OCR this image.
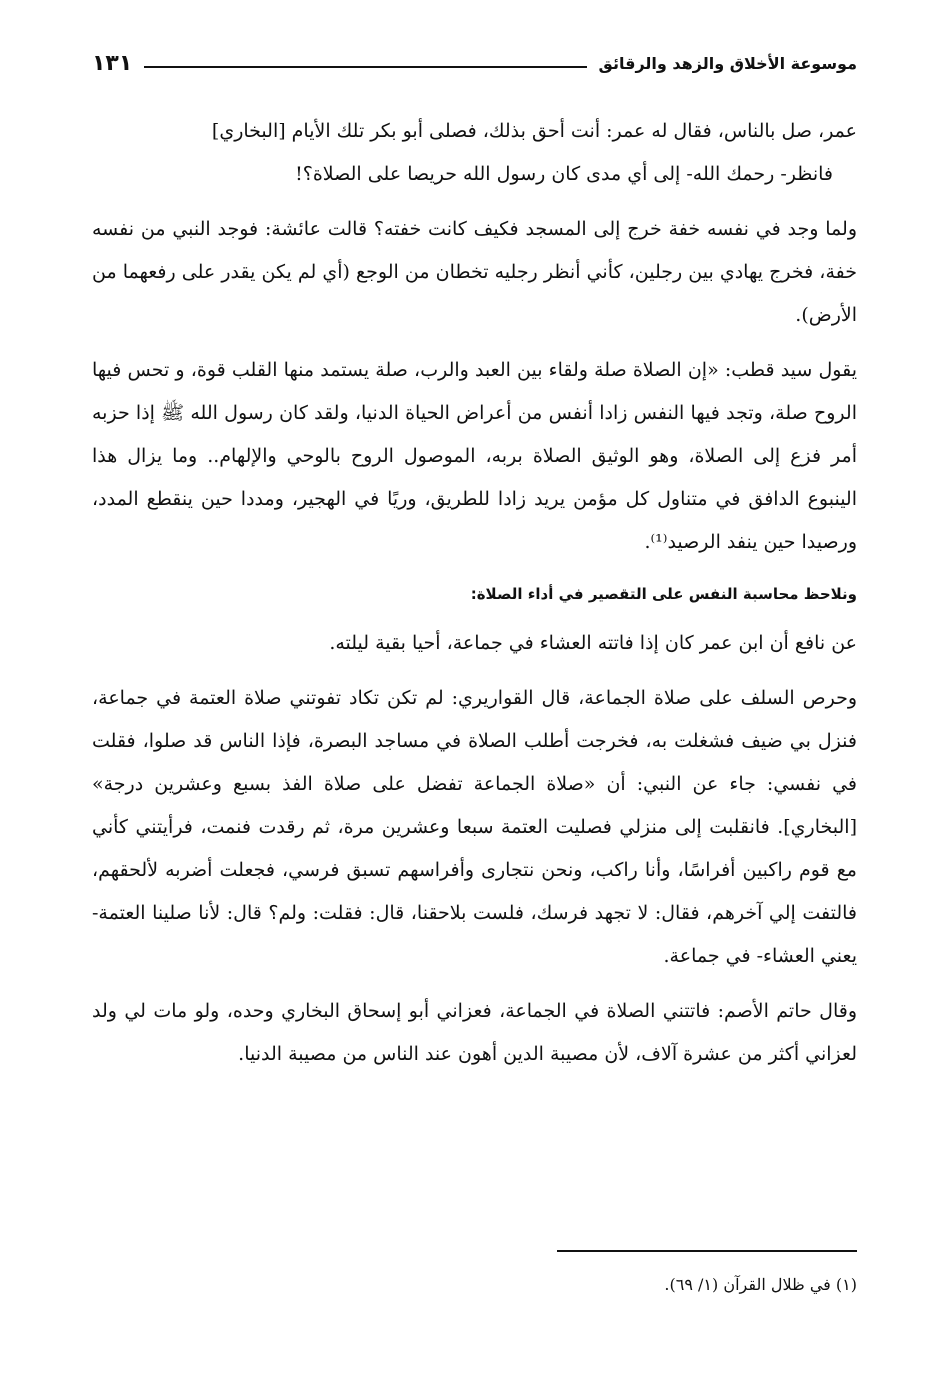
موسوعة الأخلاق والزهد والرقائق
١٣١

عمر، صل بالناس، فقال له عمر: أنت أحق بذلك، فصلى أبو بكر تلك الأيام [البخاري]

فانظر- رحمك الله- إلى أي مدى كان رسول الله حريصا على الصلاة؟!

ولما وجد في نفسه خفة خرج إلى المسجد فكيف كانت خفته؟ قالت عائشة: فوجد النبي من نفسه خفة، فخرج يهادي بين رجلين، كأني أنظر رجليه تخطان من الوجع (أي لم يكن يقدر على رفعهما من الأرض).

يقول سيد قطب: «إن الصلاة صلة ولقاء بين العبد والرب، صلة يستمد منها القلب قوة، و تحس فيها الروح صلة، وتجد فيها النفس زادا أنفس من أعراض الحياة الدنيا، ولقد كان رسول الله ﷺ إذا حزبه أمر فزع إلى الصلاة، وهو الوثيق الصلاة بربه، الموصول الروح بالوحي والإلهام.. وما يزال هذا الينبوع الدافق في متناول كل مؤمن يريد زادا للطريق، وريًا في الهجير، ومددا حين ينقطع المدد، ورصيدا حين ينفد الرصيد⁽¹⁾.

ونلاحظ محاسبة النفس على التقصير في أداء الصلاة:

عن نافع أن ابن عمر كان إذا فاتته العشاء في جماعة، أحيا بقية ليلته.

وحرص السلف على صلاة الجماعة، قال القواريري: لم تكن تكاد تفوتني صلاة العتمة في جماعة، فنزل بي ضيف فشغلت به، فخرجت أطلب الصلاة في مساجد البصرة، فإذا الناس قد صلوا، فقلت في نفسي: جاء عن النبي: أن «صلاة الجماعة تفضل على صلاة الفذ بسبع وعشرين درجة» [البخاري]. فانقلبت إلى منزلي فصليت العتمة سبعا وعشرين مرة، ثم رقدت فنمت، فرأيتني كأني مع قوم راكبين أفراسًا، وأنا راكب، ونحن نتجارى وأفراسهم تسبق فرسي، فجعلت أضربه لألحقهم، فالتفت إلي آخرهم، فقال: لا تجهد فرسك، فلست بلاحقنا، قال: فقلت: ولم؟ قال: لأنا صلينا العتمة- يعني العشاء- في جماعة.

وقال حاتم الأصم: فاتتني الصلاة في الجماعة، فعزاني أبو إسحاق البخاري وحده، ولو مات لي ولد لعزاني أكثر من عشرة آلاف، لأن مصيبة الدين أهون عند الناس من مصيبة الدنيا.

(١) في ظلال القرآن (١/ ٦٩).
